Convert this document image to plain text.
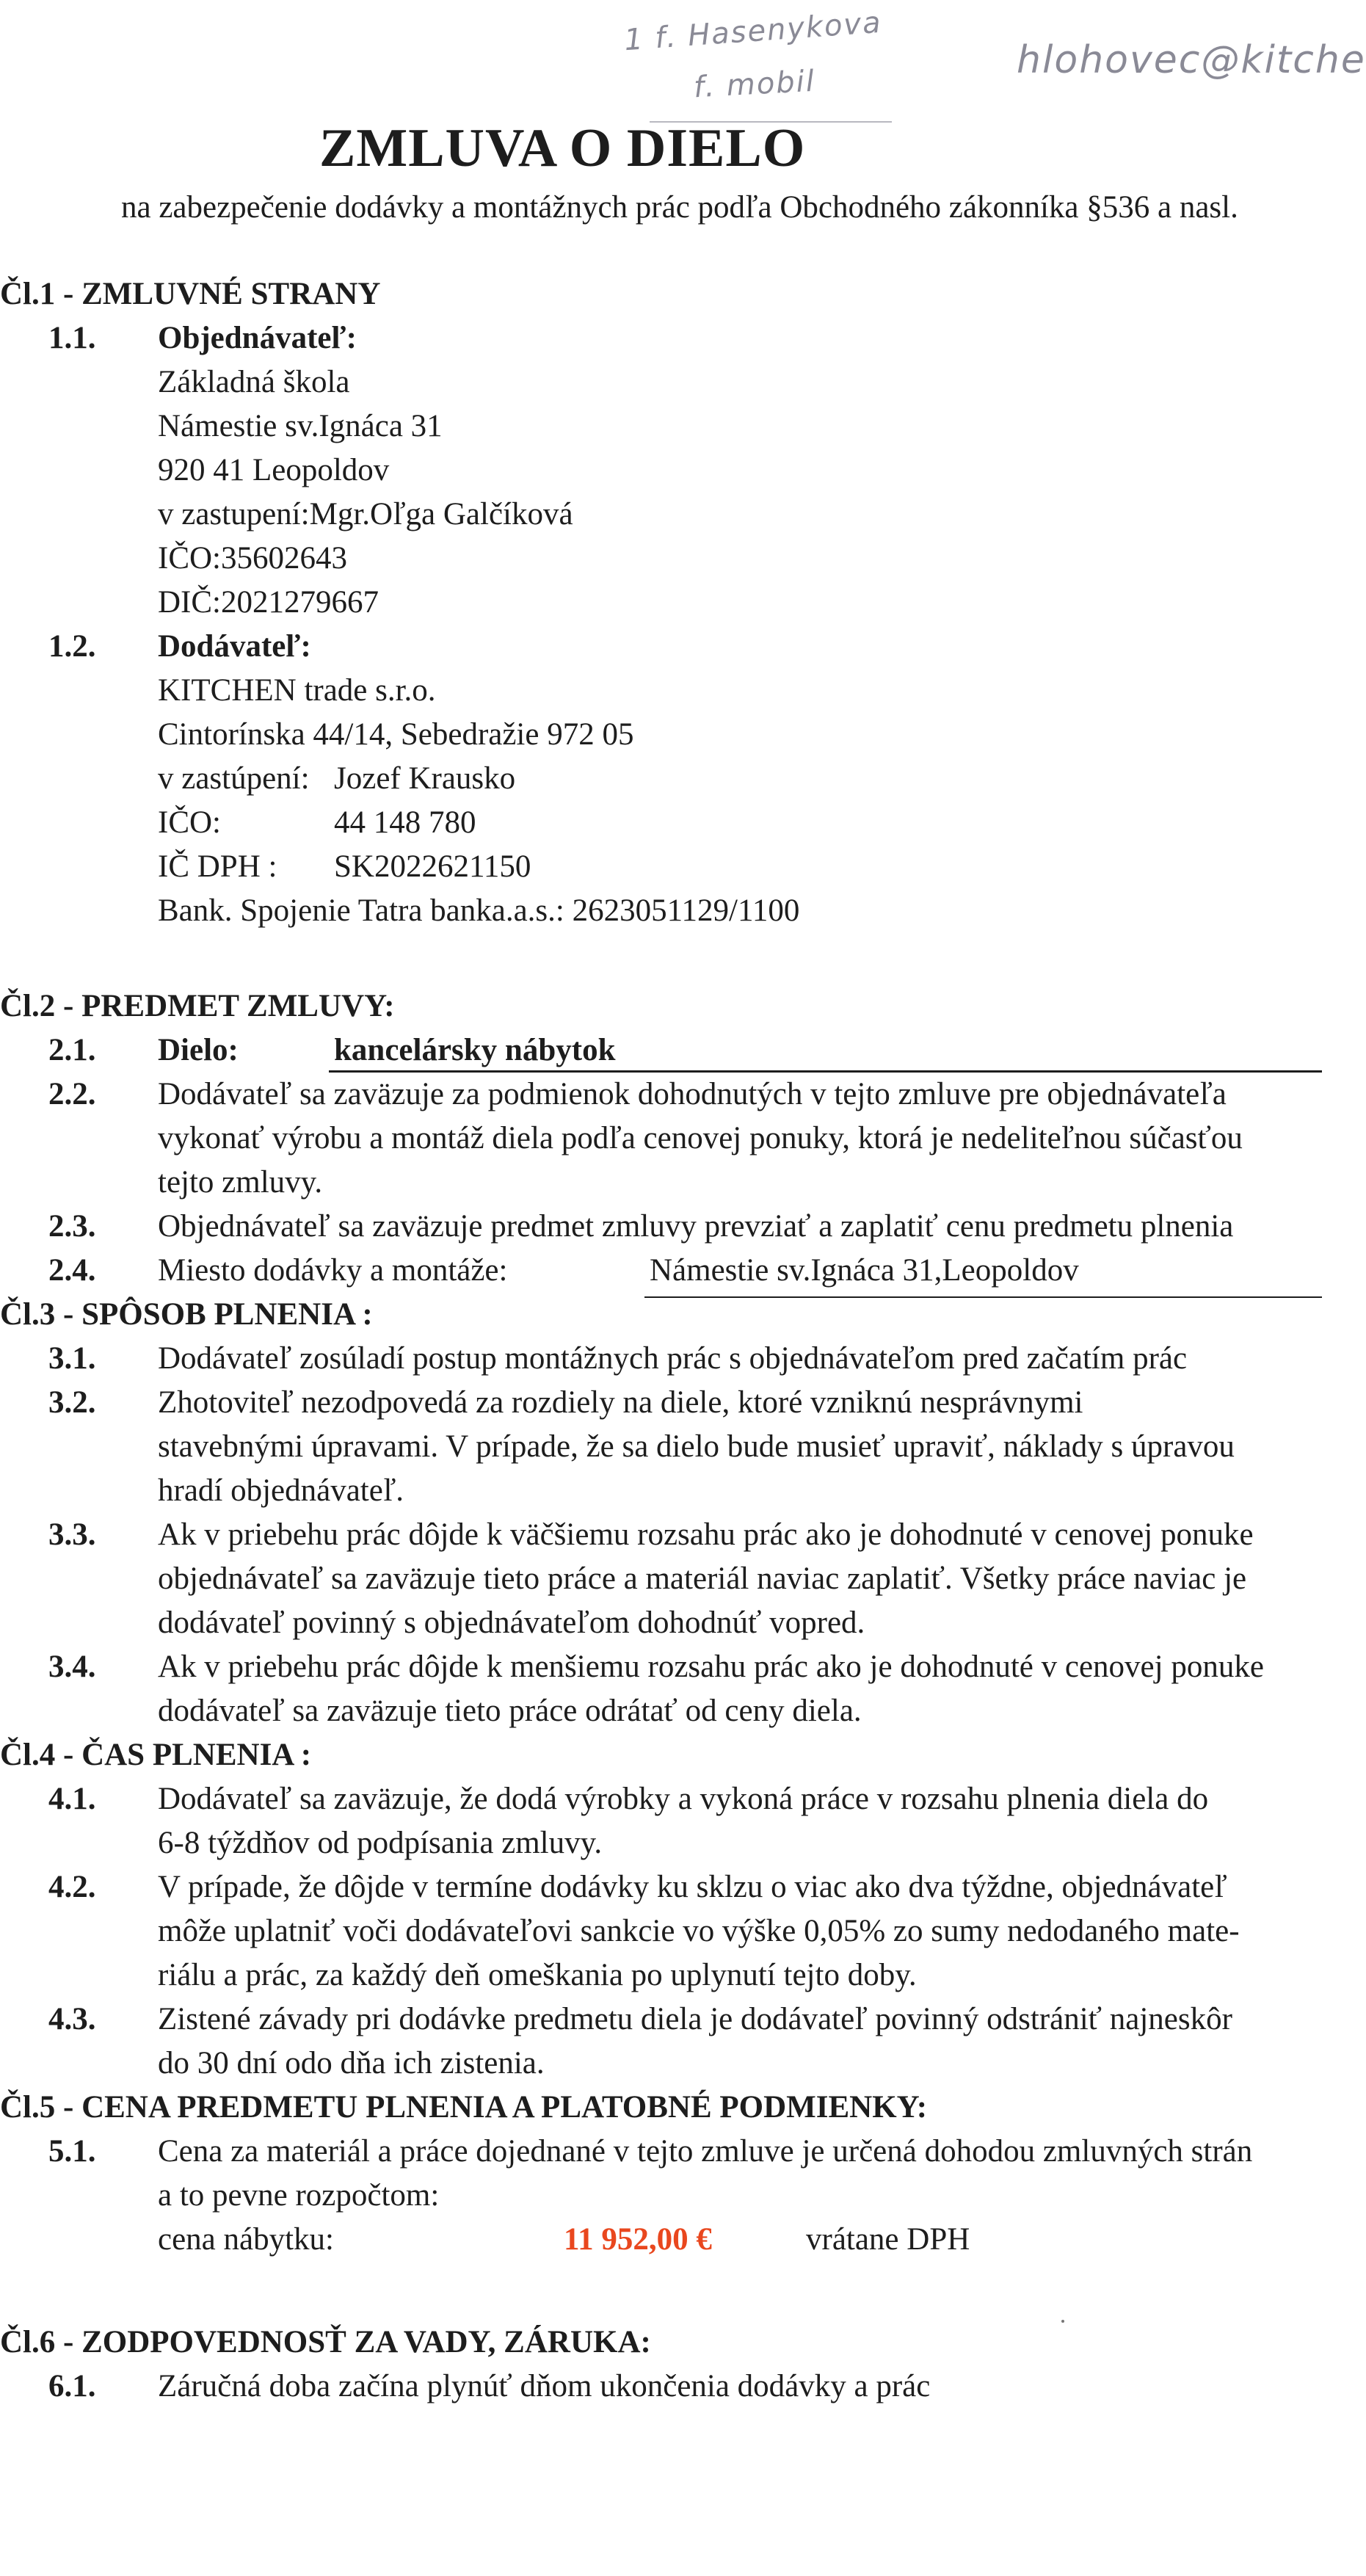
1 f. Hasenykova
f. mobil
hlohovec@kitche
ZMLUVA O DIELO
na zabezpečenie dodávky a montážnych prác podľa Obchodného zákonníka §536 a nasl.
Čl.1 - ZMLUVNÉ STRANY
1.1. Objednávateľ:
Základná škola
Námestie sv.Ignáca 31
920 41 Leopoldov
v zastupení:Mgr.Oľga Galčíková
IČO:35602643
DIČ:2021279667
1.2. Dodávateľ:
KITCHEN trade s.r.o.
Cintorínska 44/14, Sebedražie 972 05
v zastúpení: Jozef Krausko
IČO:	44 148 780
IČ DPH : SK2022621150
Bank. Spojenie Tatra banka.a.s.: 2623051129/1100
Čl.2 - PREDMET ZMLUVY:
2.1. Dielo:	kancelársky nábytok
2.2. Dodávateľ sa zaväzuje za podmienok dohodnutých v tejto zmluve pre objednávateľa
vykonať výrobu a montáž diela podľa cenovej ponuky, ktorá je nedeliteľnou súčasťou
tejto zmluvy.
2.3. Objednávateľ sa zaväzuje predmet zmluvy prevziať a zaplatiť cenu predmetu plnenia
2.4. Miesto dodávky a montáže:	Námestie sv.Ignáca 31,Leopoldov
Čl.3 - SPÔSOB PLNENIA :
3.1. Dodávateľ zosúladí postup montážnych prác s objednávateľom pred začatím prác
3.2. Zhotoviteľ nezodpovedá za rozdiely na diele, ktoré vzniknú nesprávnymi
stavebnými úpravami. V prípade, že sa dielo bude musieť upraviť, náklady s úpravou
hradí objednávateľ.
3.3. Ak v priebehu prác dôjde k väčšiemu rozsahu prác ako je dohodnuté v cenovej ponuke
objednávateľ sa zaväzuje tieto práce a materiál naviac zaplatiť. Všetky práce naviac je
dodávateľ povinný s objednávateľom dohodnúť vopred.
3.4. Ak v priebehu prác dôjde k menšiemu rozsahu prác ako je dohodnuté v cenovej ponuke
dodávateľ sa zaväzuje tieto práce odrátať od ceny diela.
Čl.4 - ČAS PLNENIA :
4.1. Dodávateľ sa zaväzuje, že dodá výrobky a vykoná práce v rozsahu plnenia diela do
6-8 týždňov od podpísania zmluvy.
4.2. V prípade, že dôjde v termíne dodávky ku sklzu o viac ako dva týždne, objednávateľ
môže uplatniť voči dodávateľovi sankcie vo výške 0,05% zo sumy nedodaného mate-
riálu a prác, za každý deň omeškania po uplynutí tejto doby.
4.3. Zistené závady pri dodávke predmetu diela je dodávateľ povinný odstrániť najneskôr
do 30 dní odo dňa ich zistenia.
Čl.5 - CENA PREDMETU PLNENIA A PLATOBNÉ PODMIENKY:
5.1. Cena za materiál a práce dojednané v tejto zmluve je určená dohodou zmluvných strán
a to pevne rozpočtom:
cena nábytku:	11 952,00 €	vrátane DPH
Čl.6 - ZODPOVEDNOSŤ ZA VADY, ZÁRUKA:
6.1. Záručná doba začína plynúť dňom ukončenia dodávky a prác
